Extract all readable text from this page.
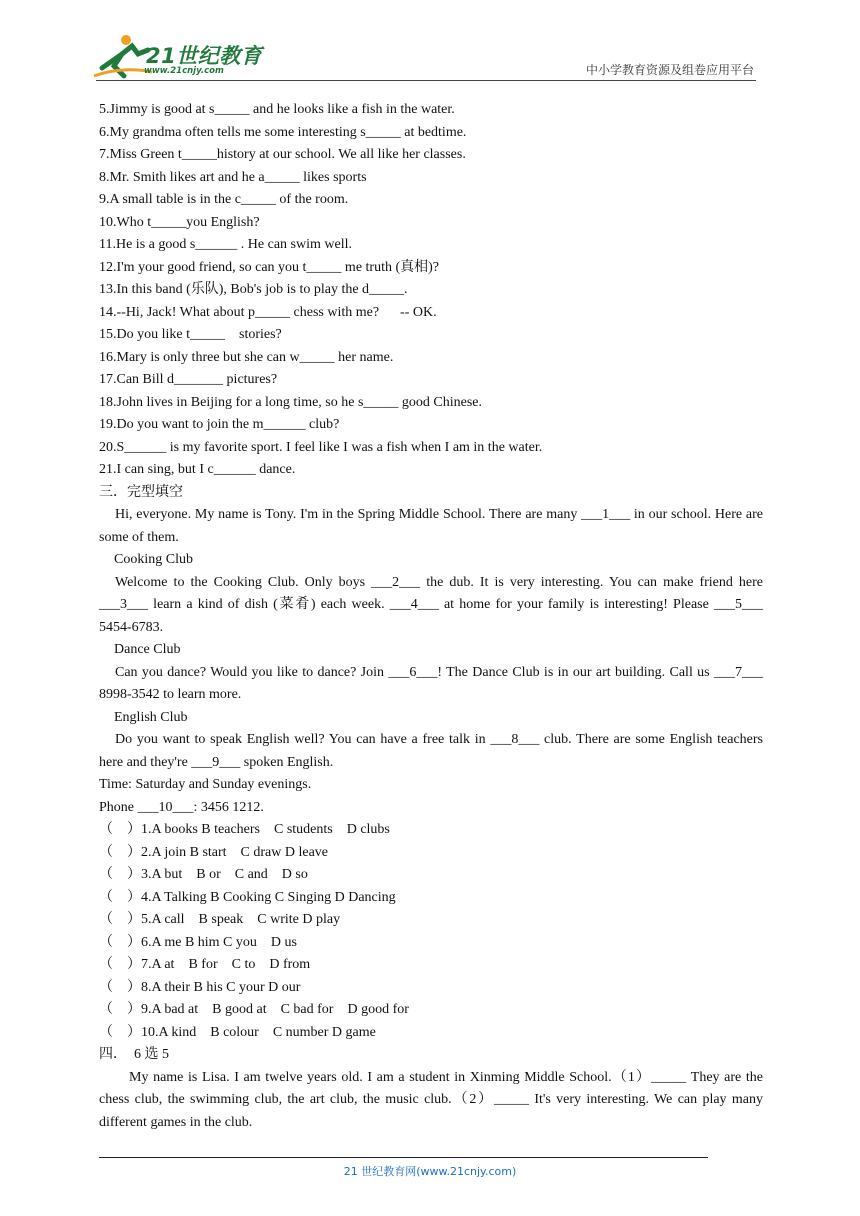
21世纪教育
www.21cnjy.com	中小学教育资源及组卷应用平台
5.Jimmy is good at s_____ and he looks like a fish in the water.
6.My grandma often tells me some interesting s_____ at bedtime.
7.Miss Green t_____history at our school. We all like her classes.
8.Mr. Smith likes art and he a_____ likes sports
9.A small table is in the c_____ of the room.
10.Who t_____you English?
11.He is a good s______ . He can swim well.
12.I'm your good friend, so can you t_____ me truth (真相)?
13.In this band (乐队), Bob's job is to play the d_____.
14.--Hi, Jack! What about p_____ chess with me?      -- OK.
15.Do you like t_____    stories?
16.Mary is only three but she can w_____ her name.
17.Can Bill d_______ pictures?
18.John lives in Beijing for a long time, so he s_____ good Chinese.
19.Do you want to join the m______ club?
20.S______ is my favorite sport. I feel like I was a fish when I am in the water.
21.I can sing, but I c______ dance.
三．完型填空
Hi, everyone. My name is Tony. I'm in the Spring Middle School. There are many ___1___ in our school. Here are some of them.
Cooking Club
Welcome to the Cooking Club. Only boys ___2___ the dub. It is very interesting. You can make friend here ___3___ learn a kind of dish (菜肴) each week. ___4___ at home for your family is interesting! Please ___5___ 5454-6783.
Dance Club
Can you dance? Would you like to dance? Join ___6___! The Dance Club is in our art building. Call us ___7___ 8998-3542 to learn more.
English Club
Do you want to speak English well? You can have a free talk in ___8___ club. There are some English teachers here and they're ___9___ spoken English.
Time: Saturday and Sunday evenings.
Phone ___10___: 3456 1212.
（    ）1.A books B teachers    C students    D clubs
（    ）2.A join B start    C draw D leave
（    ）3.A but    B or    C and    D so
（    ）4.A Talking B Cooking C Singing D Dancing
（    ）5.A call    B speak    C write D play
（    ）6.A me B him C you    D us
（    ）7.A at    B for    C to    D from
（    ）8.A their B his C your D our
（    ）9.A bad at    B good at    C bad for    D good for
（    ）10.A kind    B colour    C number D game
四．  6 选 5
My name is Lisa. I am twelve years old. I am a student in Xinming Middle School.（1）_____ They are the chess club, the swimming club, the art club, the music club.（2）_____ It's very interesting. We can play many different games in the club.
21 世纪教育网(www.21cnjy.com)
